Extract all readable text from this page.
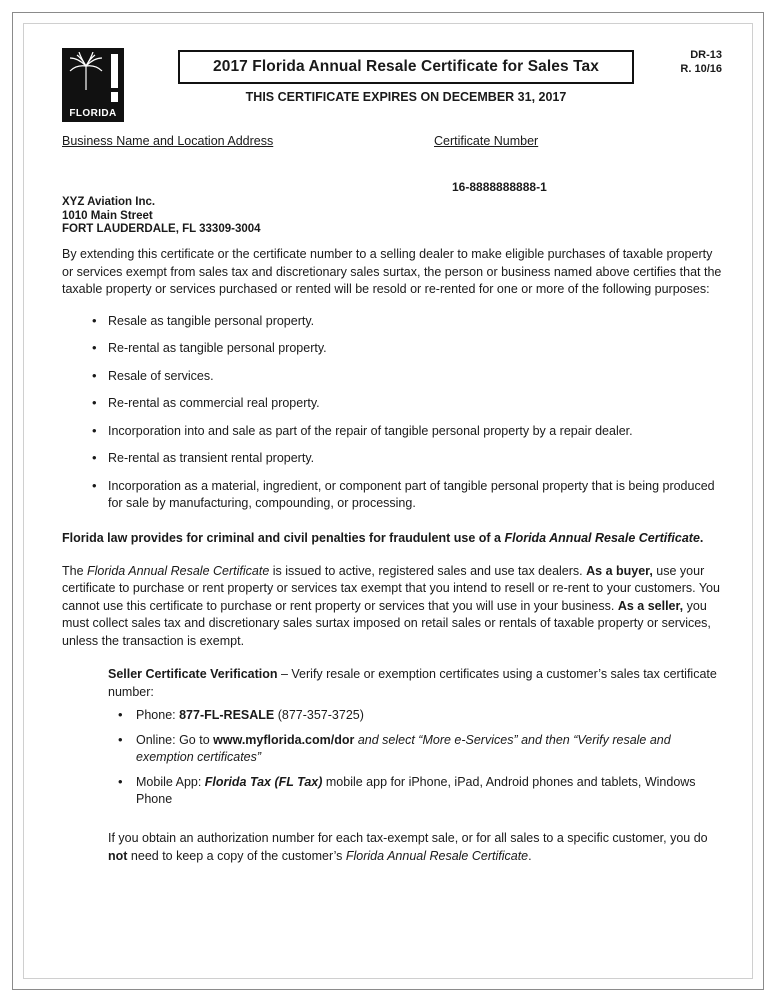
FLORIDA
2017 Florida Annual Resale Certificate for Sales Tax
THIS CERTIFICATE EXPIRES ON DECEMBER 31, 2017
DR-13
R. 10/16
Business Name and Location Address	Certificate Number
16-8888888888-1
XYZ Aviation Inc.
1010 Main Street
FORT LAUDERDALE, FL 33309-3004

By extending this certificate or the certificate number to a selling dealer to make eligible purchases of taxable property or services exempt from sales tax and discretionary sales surtax, the person or business named above certifies that the taxable property or services purchased or rented will be resold or re-rented for one or more of the following purposes:

• Resale as tangible personal property.
• Re-rental as tangible personal property.
• Resale of services.
• Re-rental as commercial real property.
• Incorporation into and sale as part of the repair of tangible personal property by a repair dealer.
• Re-rental as transient rental property.
• Incorporation as a material, ingredient, or component part of tangible personal property that is being produced for sale by manufacturing, compounding, or processing.

Florida law provides for criminal and civil penalties for fraudulent use of a Florida Annual Resale Certificate.

The Florida Annual Resale Certificate is issued to active, registered sales and use tax dealers. As a buyer, use your certificate to purchase or rent property or services tax exempt that you intend to resell or re-rent to your customers. You cannot use this certificate to purchase or rent property or services that you will use in your business. As a seller, you must collect sales tax and discretionary sales surtax imposed on retail sales or rentals of taxable property or services, unless the transaction is exempt.

Seller Certificate Verification – Verify resale or exemption certificates using a customer’s sales tax certificate number:

• Phone: 877-FL-RESALE (877-357-3725)
• Online: Go to www.myflorida.com/dor and select “More e-Services” and then “Verify resale and exemption certificates”
• Mobile App: Florida Tax (FL Tax) mobile app for iPhone, iPad, Android phones and tablets, Windows Phone

If you obtain an authorization number for each tax-exempt sale, or for all sales to a specific customer, you do not need to keep a copy of the customer’s Florida Annual Resale Certificate.
